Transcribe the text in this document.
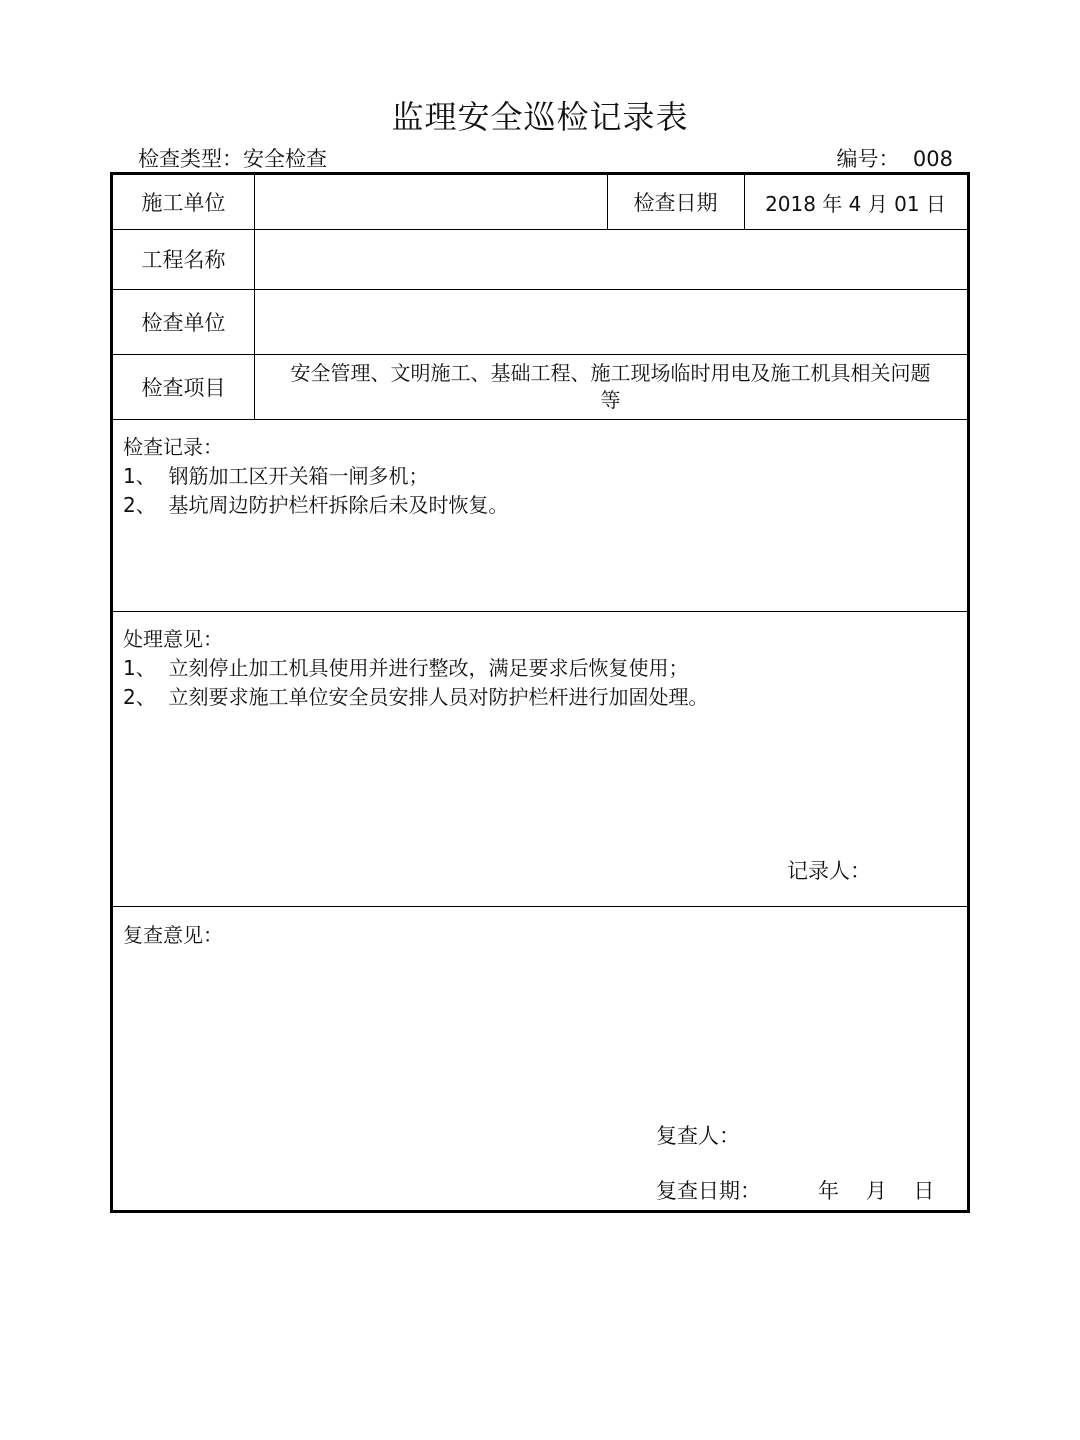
监理安全巡检记录表
检查类型：安全检查	编号： 008
施工单位	检查日期	2018 年 4 月 01 日
工程名称
检查单位
检查项目
安全管理、文明施工、基础工程、施工现场临时用电及施工机具相关问题
等
检查记录：
1、  钢筋加工区开关箱一闸多机；
2、  基坑周边防护栏杆拆除后未及时恢复。
处理意见：
1、  立刻停止加工机具使用并进行整改，满足要求后恢复使用；
2、  立刻要求施工单位安全员安排人员对防护栏杆进行加固处理。
记录人：
复查意见：
复查人：
复查日期：	年    月    日
